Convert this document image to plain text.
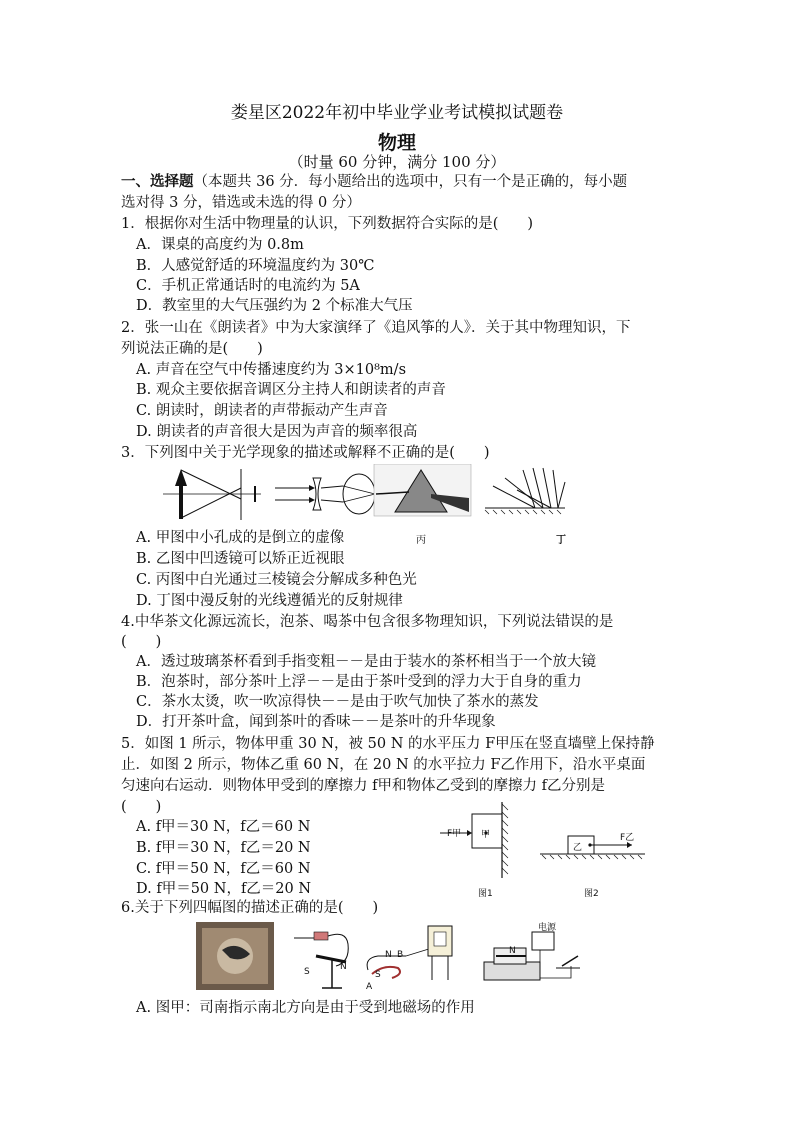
娄星区2022年初中毕业学业考试模拟试题卷
物理
（时量 60 分钟，满分 100 分）
一、选择题（本题共 36 分．每小题给出的选项中，只有一个是正确的，每小题
选对得 3 分，错选或未选的得 0 分）
1．根据你对生活中物理量的认识，下列数据符合实际的是(　　)
A．课桌的高度约为 0.8m
B．人感觉舒适的环境温度约为 30℃
C．手机正常通话时的电流约为 5A
D．教室里的大气压强约为 2 个标准大气压
2．张一山在《朗读者》中为大家演绎了《追风筝的人》．关于其中物理知识，下
列说法正确的是(　　)
A. 声音在空气中传播速度约为 3×10⁸m/s
B. 观众主要依据音调区分主持人和朗读者的声音
C. 朗读时，朗读者的声带振动产生声音
D. 朗读者的声音很大是因为声音的频率很高
3．下列图中关于光学现象的描述或解释不正确的是(　　)
丙	丁
A. 甲图中小孔成的是倒立的虚像
B. 乙图中凹透镜可以矫正近视眼
C. 丙图中白光通过三棱镜会分解成多种色光
D. 丁图中漫反射的光线遵循光的反射规律
4.中华茶文化源远流长，泡茶、喝茶中包含很多物理知识，下列说法错误的是
(　　)
A．透过玻璃茶杯看到手指变粗－－是由于装水的茶杯相当于一个放大镜
B．泡茶时，部分茶叶上浮－－是由于茶叶受到的浮力大于自身的重力
C．茶水太烫，吹一吹凉得快－－是由于吹气加快了茶水的蒸发
D．打开茶叶盒，闻到茶叶的香味－－是茶叶的升华现象
5．如图 1 所示，物体甲重 30 N，被 50 N 的水平压力 F甲压在竖直墙壁上保持静
止．如图 2 所示，物体乙重 60 N，在 20 N 的水平拉力 F乙作用下，沿水平桌面
匀速向右运动．则物体甲受到的摩擦力 f甲和物体乙受到的摩擦力 f乙分别是
(　　)
A. f甲＝30 N，f乙＝60 N
B. f甲＝30 N，f乙＝20 N
C. f甲＝50 N，f乙＝60 N
D. f甲＝50 N，f乙＝20 N
F甲 甲
图1
F乙
乙
图2
6.关于下列四幅图的描述正确的是(　　)
S	N
N B
S
A
N
电源
A. 图甲：司南指示南北方向是由于受到地磁场的作用
